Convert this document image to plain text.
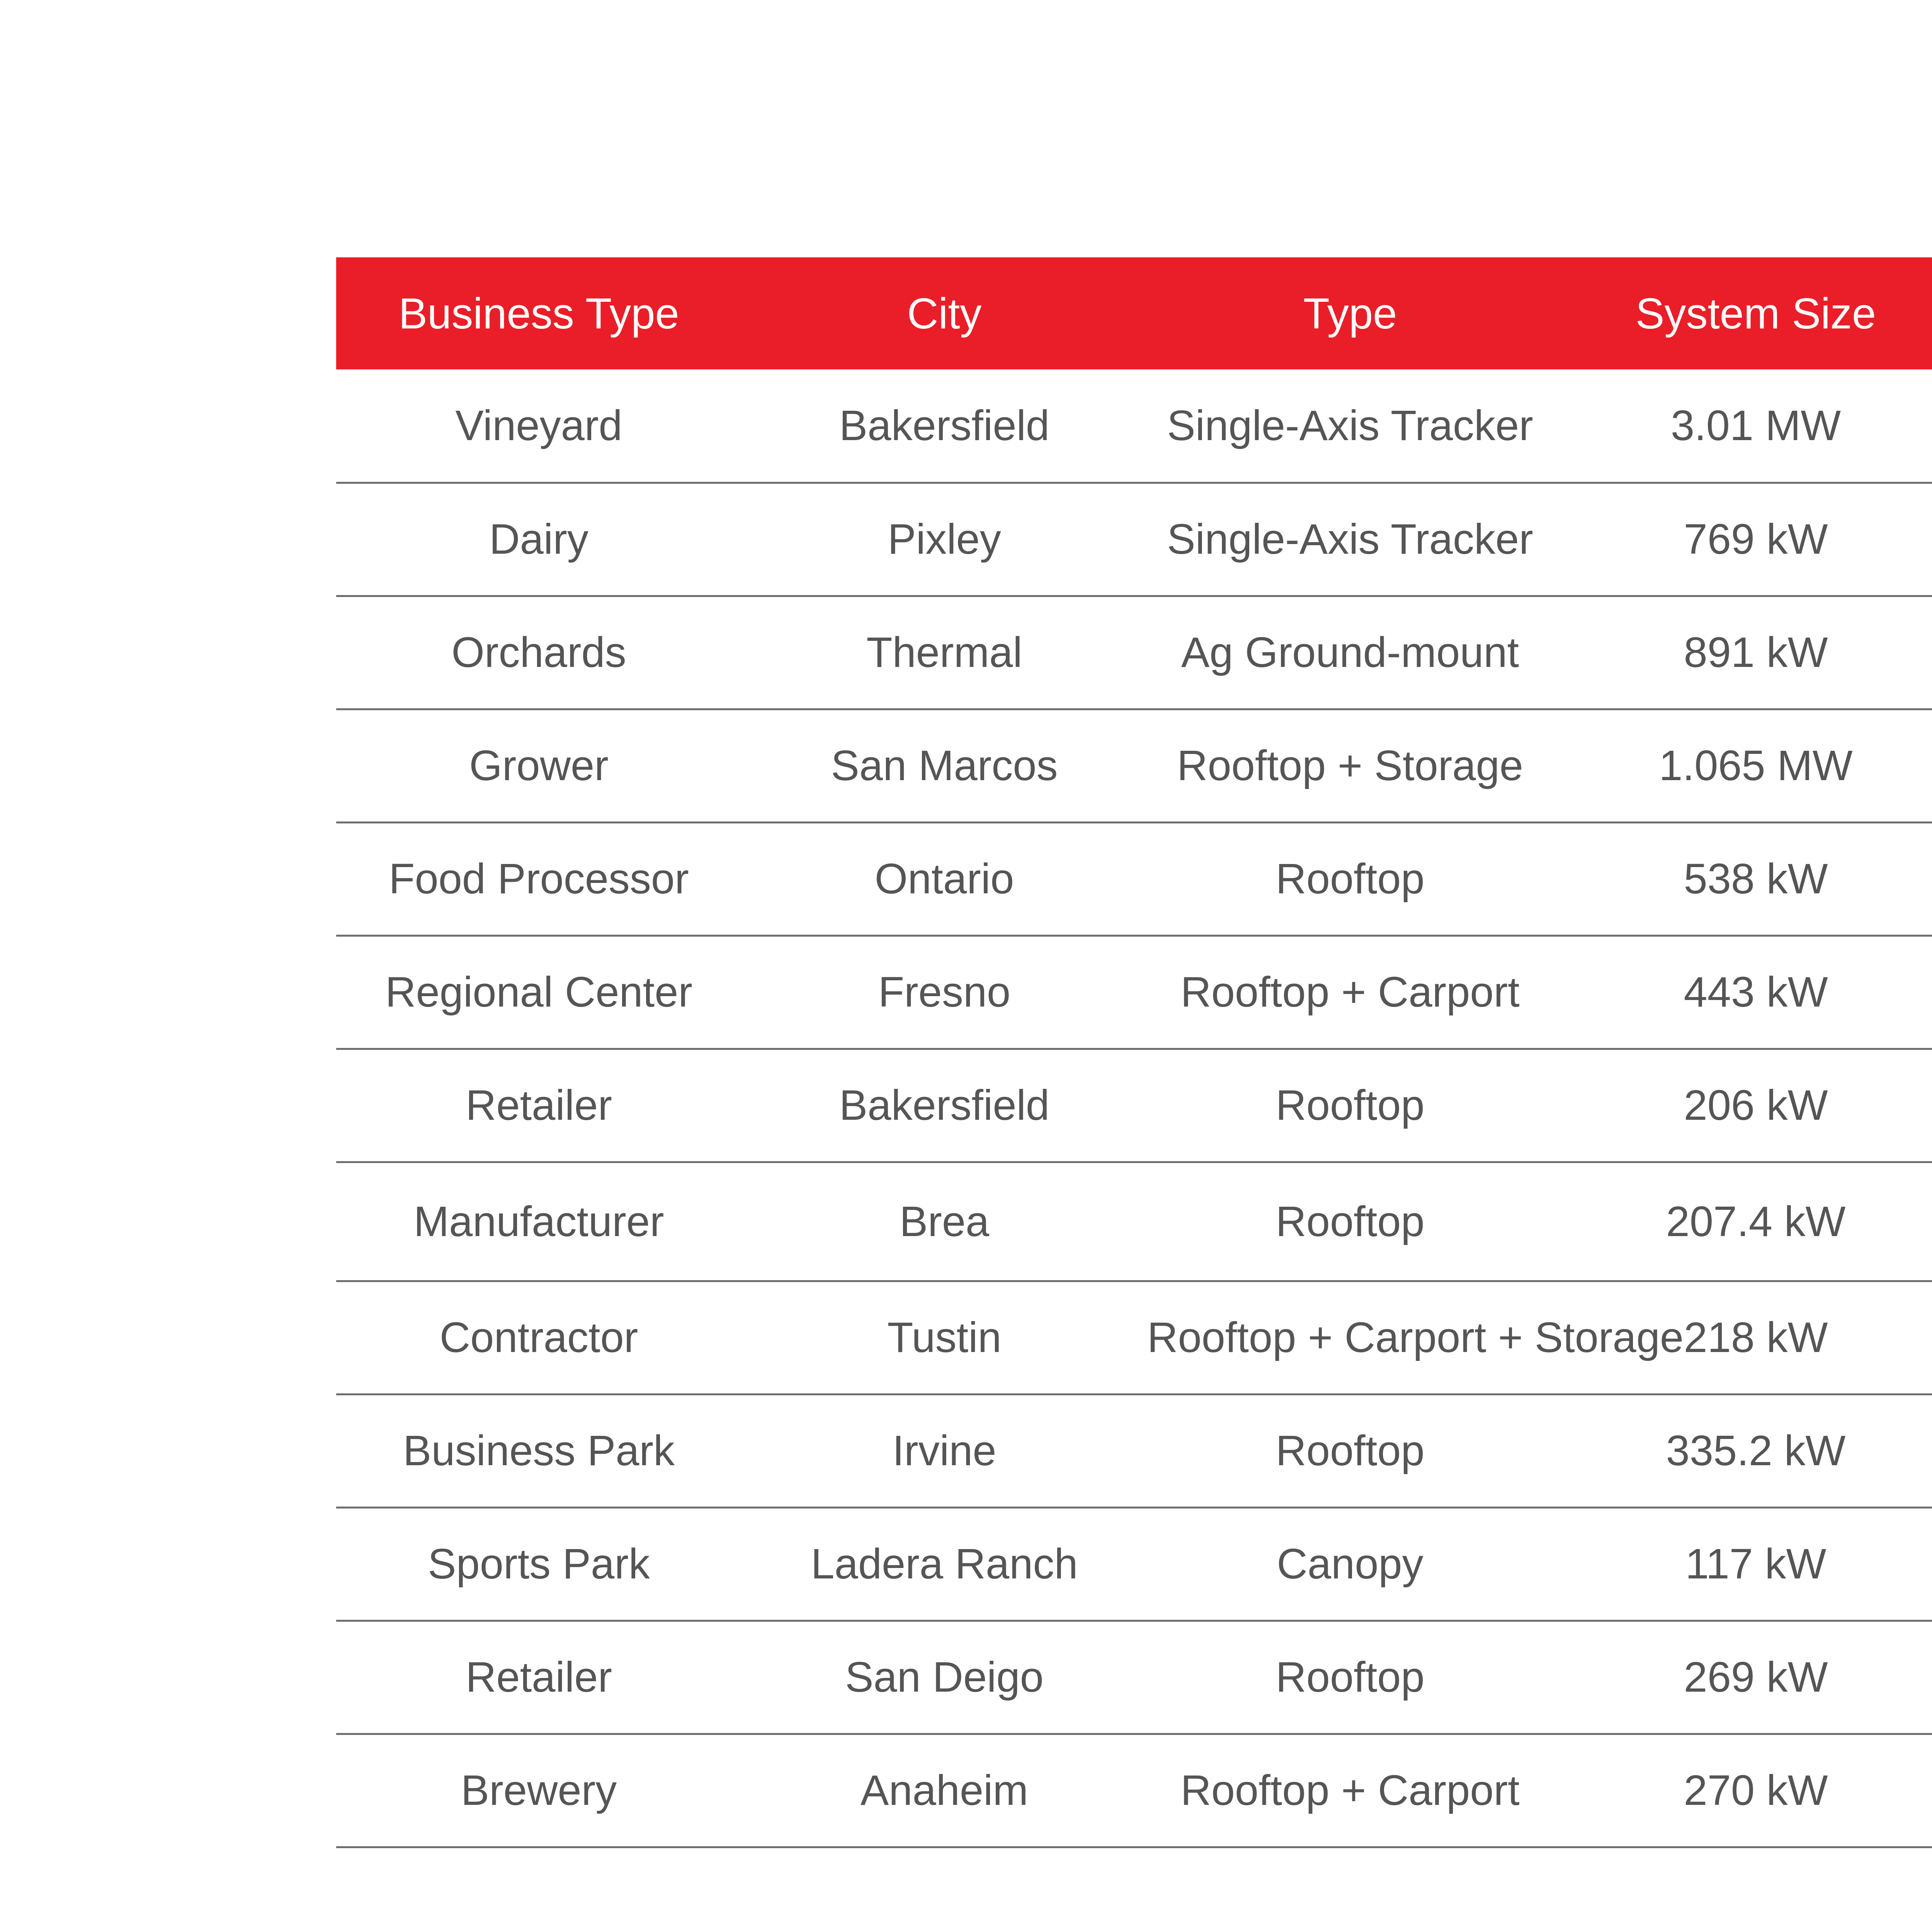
Business Type	City	Type	System Size		
Vineyard	Bakersfield	Single-Axis Tracker	3.01 MW		
Dairy	Pixley	Single-Axis Tracker	769 kW		
Orchards	Thermal	Ag Ground-mount	891 kW		
Grower	San Marcos	Rooftop + Storage	1.065 MW		
Food Processor	Ontario	Rooftop	538 kW		
Regional Center	Fresno	Rooftop + Carport	443 kW		
Retailer	Bakersfield	Rooftop	206 kW		
Manufacturer	Brea	Rooftop	207.4 kW		
Contractor	Tustin	Rooftop + Carport + Storage	218 kW		
Business Park	Irvine	Rooftop	335.2 kW		
Sports Park	Ladera Ranch	Canopy	117 kW		
Retailer	San Deigo	Rooftop	269 kW		
Brewery	Anaheim	Rooftop + Carport	270 kW		
